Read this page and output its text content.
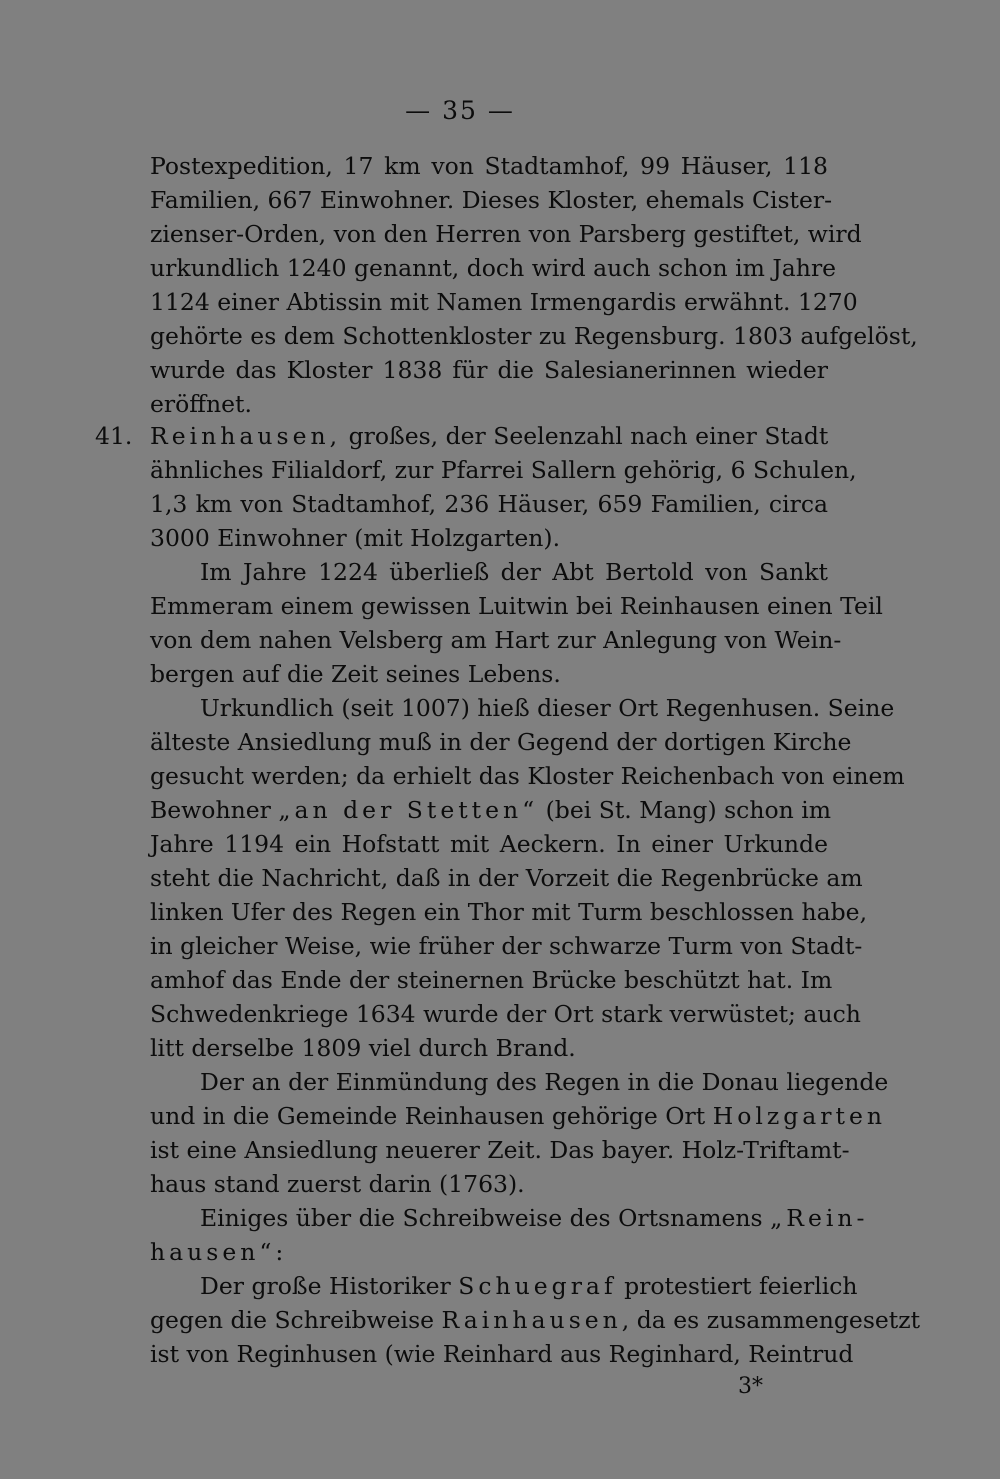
— 35 —
Postexpedition, 17 km von Stadtamhof, 99 Häuser, 118
Familien, 667 Einwohner. Dieses Kloster, ehemals Cister-
zienser-Orden, von den Herren von Parsberg gestiftet, wird
urkundlich 1240 genannt, doch wird auch schon im Jahre
1124 einer Abtissin mit Namen Irmengardis erwähnt. 1270
gehörte es dem Schottenkloster zu Regensburg. 1803 aufgelöst,
wurde das Kloster 1838 für die Salesianerinnen wieder
eröffnet.
41. Reinhausen, großes, der Seelenzahl nach einer Stadt
ähnliches Filialdorf, zur Pfarrei Sallern gehörig, 6 Schulen,
1,3 km von Stadtamhof, 236 Häuser, 659 Familien, circa
3000 Einwohner (mit Holzgarten).
Im Jahre 1224 überließ der Abt Bertold von Sankt
Emmeram einem gewissen Luitwin bei Reinhausen einen Teil
von dem nahen Velsberg am Hart zur Anlegung von Wein-
bergen auf die Zeit seines Lebens.
Urkundlich (seit 1007) hieß dieser Ort Regenhusen. Seine
älteste Ansiedlung muß in der Gegend der dortigen Kirche
gesucht werden; da erhielt das Kloster Reichenbach von einem
Bewohner „an der Stetten“ (bei St. Mang) schon im
Jahre 1194 ein Hofstatt mit Aeckern. In einer Urkunde
steht die Nachricht, daß in der Vorzeit die Regenbrücke am
linken Ufer des Regen ein Thor mit Turm beschlossen habe,
in gleicher Weise, wie früher der schwarze Turm von Stadt-
amhof das Ende der steinernen Brücke beschützt hat. Im
Schwedenkriege 1634 wurde der Ort stark verwüstet; auch
litt derselbe 1809 viel durch Brand.
Der an der Einmündung des Regen in die Donau liegende
und in die Gemeinde Reinhausen gehörige Ort Holzgarten
ist eine Ansiedlung neuerer Zeit. Das bayer. Holz-Triftamt-
haus stand zuerst darin (1763).
Einiges über die Schreibweise des Ortsnamens „Rein-
hausen“:
Der große Historiker Schuegraf protestiert feierlich
gegen die Schreibweise Rainhausen, da es zusammengesetzt
ist von Reginhusen (wie Reinhard aus Reginhard, Reintrud
3*
